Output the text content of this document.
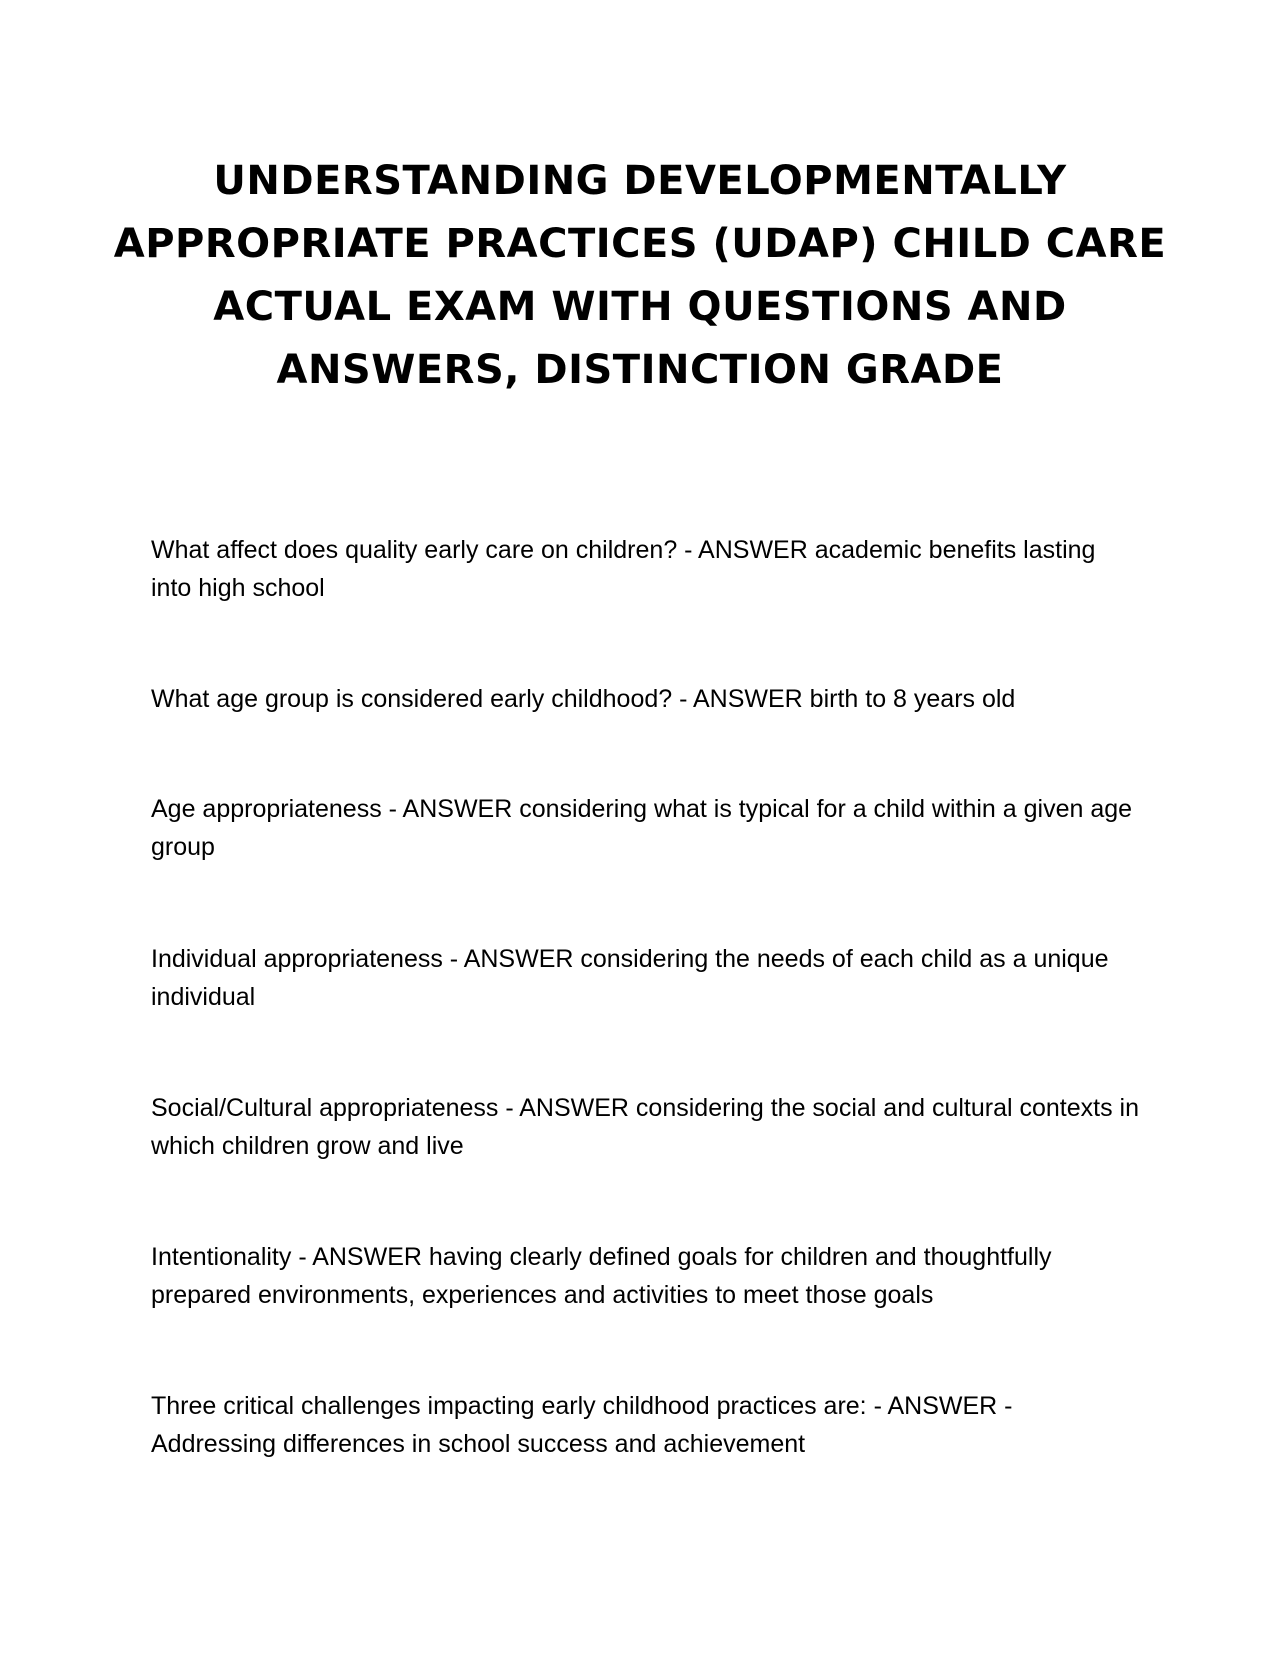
UNDERSTANDING DEVELOPMENTALLY APPROPRIATE PRACTICES (UDAP) CHILD CARE ACTUAL EXAM WITH QUESTIONS AND ANSWERS, DISTINCTION GRADE

What affect does quality early care on children? - ANSWER academic benefits lasting into high school

What age group is considered early childhood? - ANSWER birth to 8 years old

Age appropriateness - ANSWER considering what is typical for a child within a given age group

Individual appropriateness - ANSWER considering the needs of each child as a unique individual

Social/Cultural appropriateness - ANSWER considering the social and cultural contexts in which children grow and live

Intentionality - ANSWER having clearly defined goals for children and thoughtfully prepared environments, experiences and activities to meet those goals

Three critical challenges impacting early childhood practices are: - ANSWER - Addressing differences in school success and achievement
